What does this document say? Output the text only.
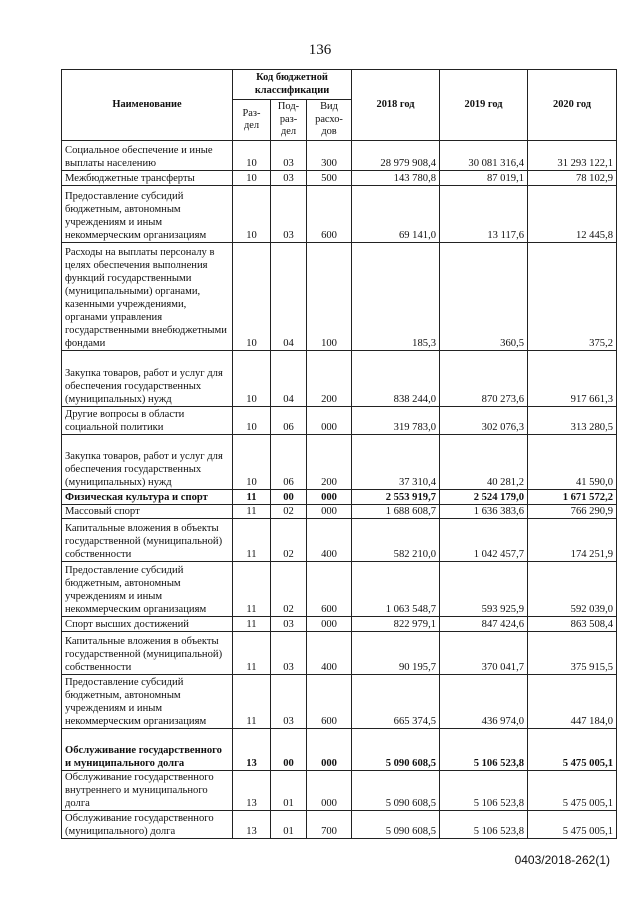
136
Наименование	Код бюджетной классификации			2018 год	2019 год	2020 год
	Раз-дел	Под-раз-дел	Вид расхо-дов			
Социальное обеспечение и иные выплаты населению	10	03	300	28 979 908,4	30 081 316,4	31 293 122,1
Межбюджетные трансферты	10	03	500	143 780,8	87 019,1	78 102,9
Предоставление субсидий бюджетным, автономным учреждениям и иным некоммерческим организациям	10	03	600	69 141,0	13 117,6	12 445,8
Расходы на выплаты персоналу в целях обеспечения выполнения функций государственными (муниципальными) органами, казенными учреждениями, органами управления государственными внебюджетными фондами	10	04	100	185,3	360,5	375,2
Закупка товаров, работ и услуг для обеспечения государственных (муниципальных) нужд	10	04	200	838 244,0	870 273,6	917 661,3
Другие вопросы в области социальной политики	10	06	000	319 783,0	302 076,3	313 280,5
Закупка товаров, работ и услуг для обеспечения государственных (муниципальных) нужд	10	06	200	37 310,4	40 281,2	41 590,0
Физическая культура и спорт	11	00	000	2 553 919,7	2 524 179,0	1 671 572,2
Массовый спорт	11	02	000	1 688 608,7	1 636 383,6	766 290,9
Капитальные вложения в объекты государственной (муниципальной) собственности	11	02	400	582 210,0	1 042 457,7	174 251,9
Предоставление субсидий бюджетным, автономным учреждениям и иным некоммерческим организациям	11	02	600	1 063 548,7	593 925,9	592 039,0
Спорт высших достижений	11	03	000	822 979,1	847 424,6	863 508,4
Капитальные вложения в объекты государственной (муниципальной) собственности	11	03	400	90 195,7	370 041,7	375 915,5
Предоставление субсидий бюджетным, автономным учреждениям и иным некоммерческим организациям	11	03	600	665 374,5	436 974,0	447 184,0
Обслуживание государственного и муниципального долга	13	00	000	5 090 608,5	5 106 523,8	5 475 005,1
Обслуживание государственного внутреннего и муниципального долга	13	01	000	5 090 608,5	5 106 523,8	5 475 005,1
Обслуживание государственного (муниципального) долга	13	01	700	5 090 608,5	5 106 523,8	5 475 005,1
0403/2018-262(1)
